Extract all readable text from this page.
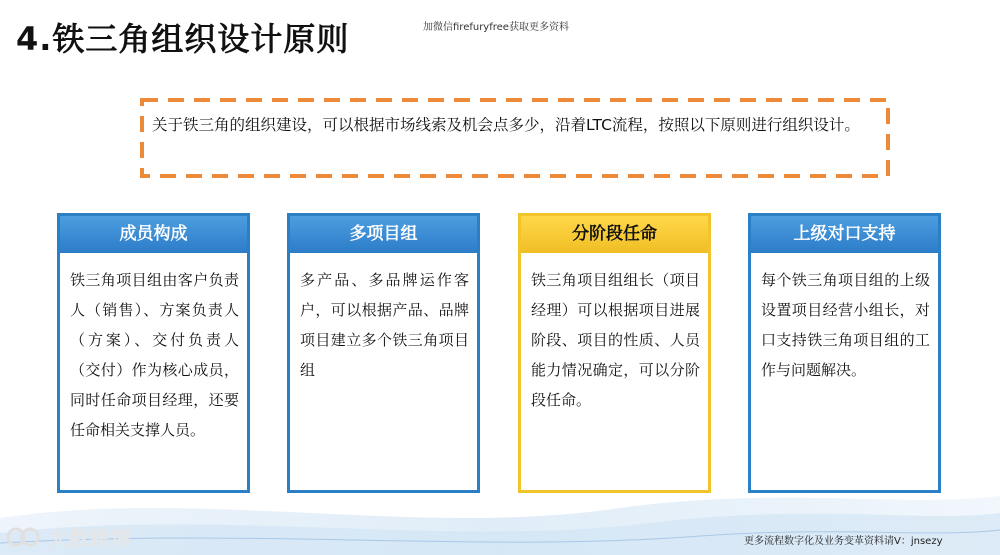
4.铁三角组织设计原则	加微信firefuryfree获取更多资料
关于铁三角的组织建设，可以根据市场线索及机会点多少，沿着LTC流程，按照以下原则进行组织设计。
成员构成
铁三角项目组由客户负责人（销售）、方案负责人（方案）、交付负责人（交付）作为核心成员，同时任命项目经理，还要任命相关支撑人员。
多项目组
多产品、多品牌运作客户，可以根据产品、品牌项目建立多个铁三角项目组
分阶段任命
铁三角项目组组长（项目经理）可以根据项目进展阶段、项目的性质、人员能力情况确定，可以分阶段任命。
上级对口支持
每个铁三角项目组的上级设置项目经营小组长，对口支持铁三角项目组的工作与问题解决。
大数跨境	更多流程数字化及业务变革资料请V：jnsezy
